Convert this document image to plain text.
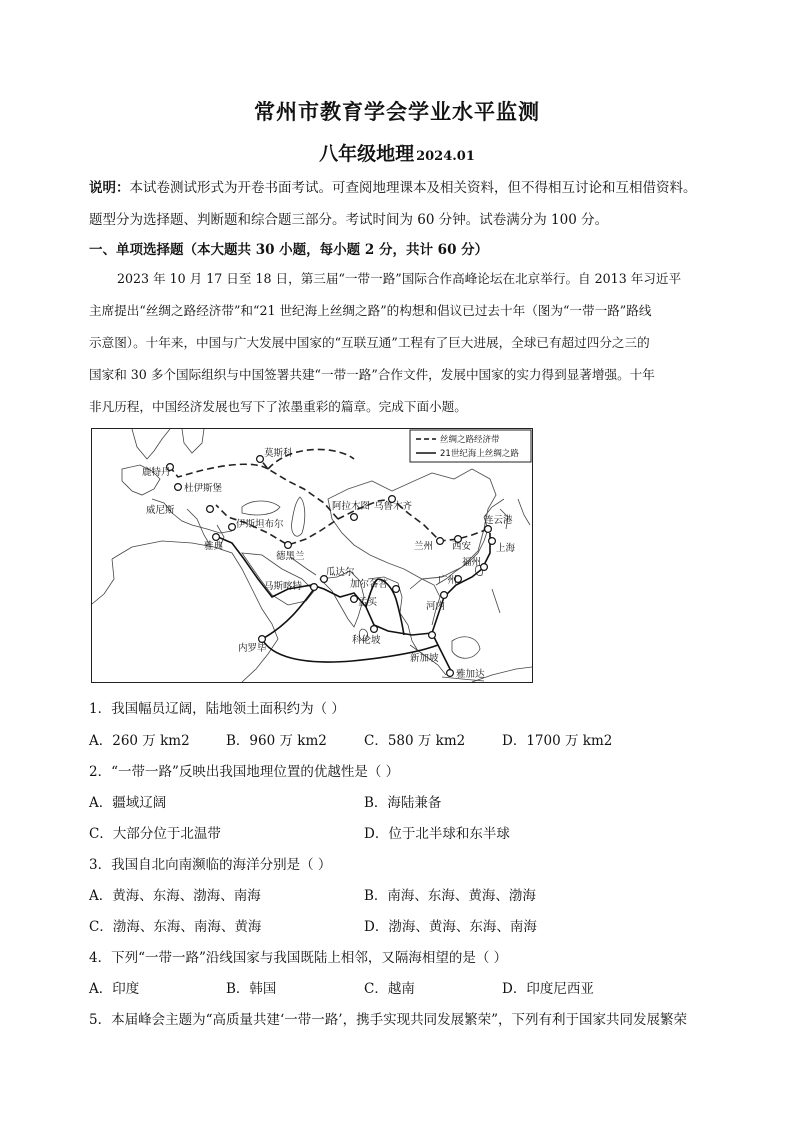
常州市教育学会学业水平监测
八年级地理 2024.01
说明：本试卷测试形式为开卷书面考试。可查阅地理课本及相关资料，但不得相互讨论和互相借资料。
题型分为选择题、判断题和综合题三部分。考试时间为 60 分钟。试卷满分为 100 分。
一、单项选择题（本大题共 30 小题，每小题 2 分，共计 60 分）
2023 年 10 月 17 日至 18 日，第三届“一带一路”国际合作高峰论坛在北京举行。自 2013 年习近平
主席提出“丝绸之路经济带”和“21 世纪海上丝绸之路”的构想和倡议已过去十年（图为“一带一路”路线
示意图）。十年来，中国与广大发展中国家的“互联互通”工程有了巨大进展，全球已有超过四分之三的
国家和 30 多个国际组织与中国签署共建“一带一路”合作文件，发展中国家的实力得到显著增强。十年
非凡历程，中国经济发展也写下了浓墨重彩的篇章。完成下面小题。
莫斯科
鹿特丹
杜伊斯堡
威尼斯
伊斯坦布尔
雅典
德黑兰
阿拉木图 乌鲁木齐
兰州 西安
连云港
上海
福州
广州
河内
瓜达尔
加尔各答
马斯喀特
孟买
科伦坡
新加坡
雅加达
内罗毕
丝绸之路经济带
21世纪海上丝绸之路
1．我国幅员辽阔，陆地领土面积约为（ ）
A．260 万 km2	B．960 万 km2	C．580 万 km2	D．1700 万 km2
2．“一带一路”反映出我国地理位置的优越性是（ ）
A．疆域辽阔	B．海陆兼备
C．大部分位于北温带	D．位于北半球和东半球
3．我国自北向南濒临的海洋分别是（ ）
A．黄海、东海、渤海、南海	B．南海、东海、黄海、渤海
C．渤海、东海、南海、黄海	D．渤海、黄海、东海、南海
4．下列“一带一路”沿线国家与我国既陆上相邻，又隔海相望的是（ ）
A．印度	B．韩国	C．越南	D．印度尼西亚
5．本届峰会主题为“高质量共建‘一带一路’，携手实现共同发展繁荣”，下列有利于国家共同发展繁荣
